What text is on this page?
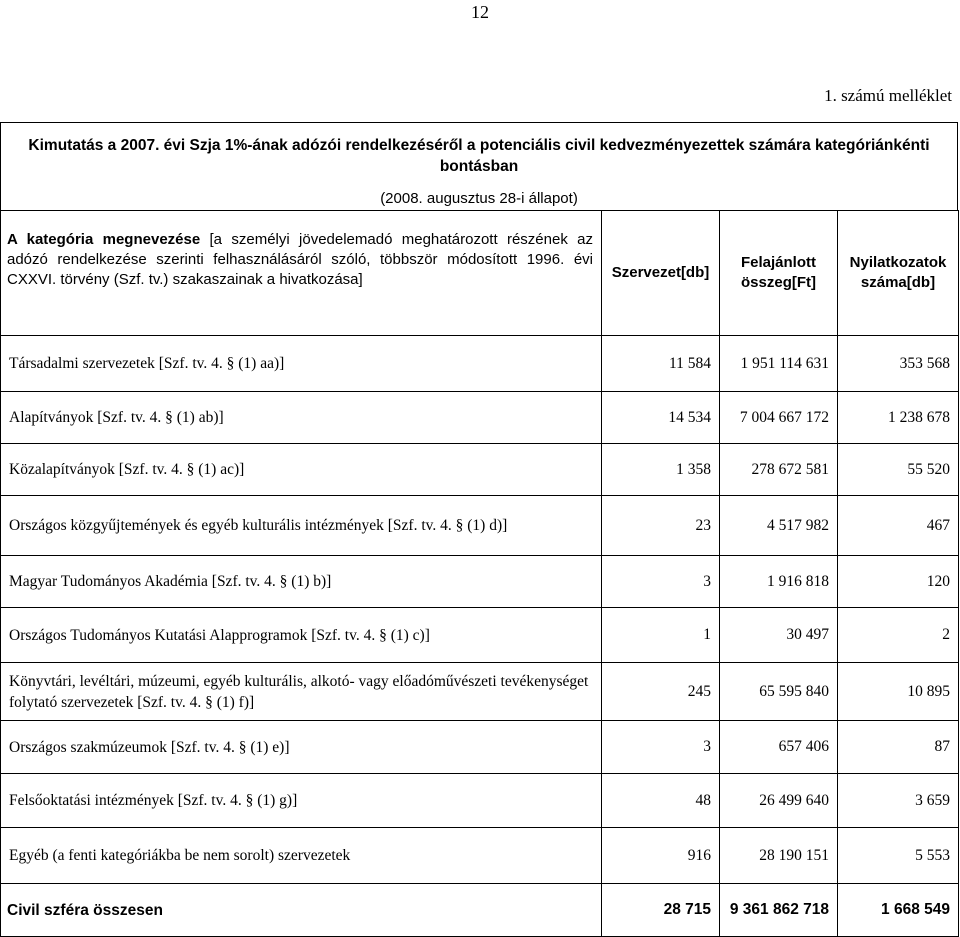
12
1. számú melléklet
Kimutatás a 2007. évi Szja 1%-ának adózói rendelkezéséről a potenciális civil kedvezményezettek számára kategóriánkénti bontásban
(2008. augusztus 28-i állapot)
A kategória megnevezése [a személyi jövedelemadó meghatározott részének az adózó rendelkezése szerinti felhasználásáról szóló, többször módosított 1996. évi CXXVI. törvény (Szf. tv.) szakaszainak a hivatkozása]	Szervezet[db]	Felajánlott összeg[Ft]	Nyilatkozatok száma[db]
Társadalmi szervezetek [Szf. tv. 4. § (1) aa)]	11 584	1 951 114 631	353 568
Alapítványok [Szf. tv. 4. § (1) ab)]	14 534	7 004 667 172	1 238 678
Közalapítványok [Szf. tv. 4. § (1) ac)]	1 358	278 672 581	55 520
Országos közgyűjtemények és egyéb kulturális intézmények [Szf. tv. 4. § (1) d)]	23	4 517 982	467
Magyar Tudományos Akadémia [Szf. tv. 4. § (1) b)]	3	1 916 818	120
Országos Tudományos Kutatási Alapprogramok [Szf. tv. 4. § (1) c)]	1	30 497	2
Könyvtári, levéltári, múzeumi, egyéb kulturális, alkotó- vagy előadóművészeti tevékenységet folytató szervezetek [Szf. tv. 4. § (1) f)]	245	65 595 840	10 895
Országos szakmúzeumok [Szf. tv. 4. § (1) e)]	3	657 406	87
Felsőoktatási intézmények [Szf. tv. 4. § (1) g)]	48	26 499 640	3 659
Egyéb (a fenti kategóriákba be nem sorolt) szervezetek	916	28 190 151	5 553
Civil szféra összesen	28 715	9 361 862 718	1 668 549
